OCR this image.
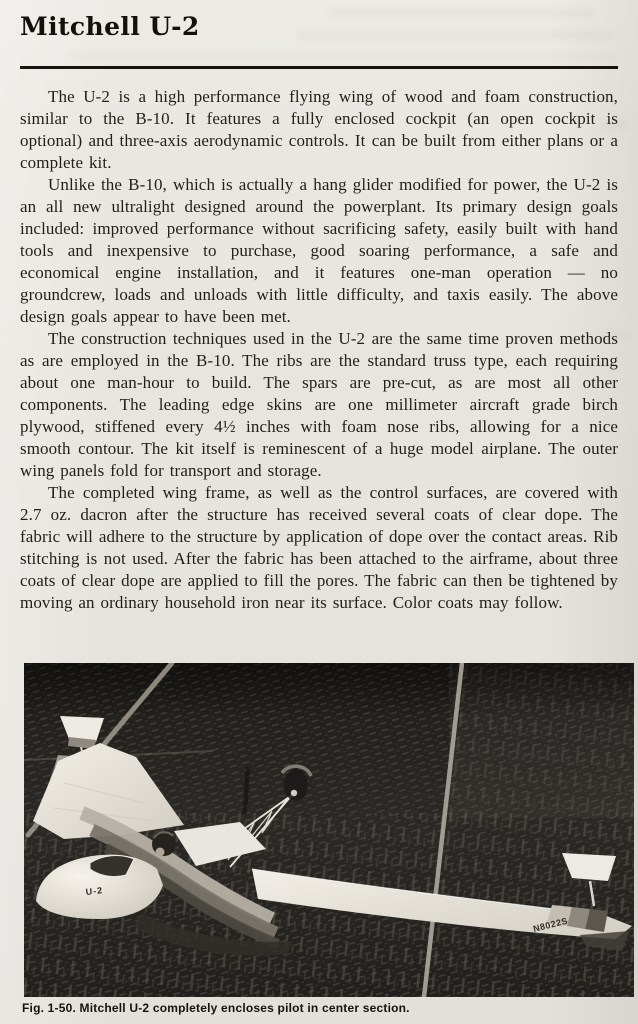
Mitchell U-2

The U-2 is a high performance flying wing of wood and foam construction, similar to the B-10. It features a fully enclosed cockpit (an open cockpit is optional) and three-axis aerodynamic controls. It can be built from either plans or a complete kit.

Unlike the B-10, which is actually a hang glider modified for power, the U-2 is an all new ultralight designed around the powerplant. Its primary design goals included: improved performance without sacrificing safety, easily built with hand tools and inexpensive to purchase, good soaring performance, a safe and economical engine installation, and it features one-man operation — no groundcrew, loads and unloads with little difficulty, and taxis easily. The above design goals appear to have been met.

The construction techniques used in the U-2 are the same time proven methods as are employed in the B-10. The ribs are the standard truss type, each requiring about one man-hour to build. The spars are pre-cut, as are most all other components. The leading edge skins are one millimeter aircraft grade birch plywood, stiffened every 4½ inches with foam nose ribs, allowing for a nice smooth contour. The kit itself is reminescent of a huge model airplane. The outer wing panels fold for transport and storage.

The completed wing frame, as well as the control surfaces, are covered with 2.7 oz. dacron after the structure has received several coats of clear dope. The fabric will adhere to the structure by application of dope over the contact areas. Rib stitching is not used. After the fabric has been attached to the airframe, about three coats of clear dope are applied to fill the pores. The fabric can then be tightened by moving an ordinary household iron near its surface. Color coats may follow.

U-2
N8022S
Fig. 1-50. Mitchell U-2 completely encloses pilot in center section.
